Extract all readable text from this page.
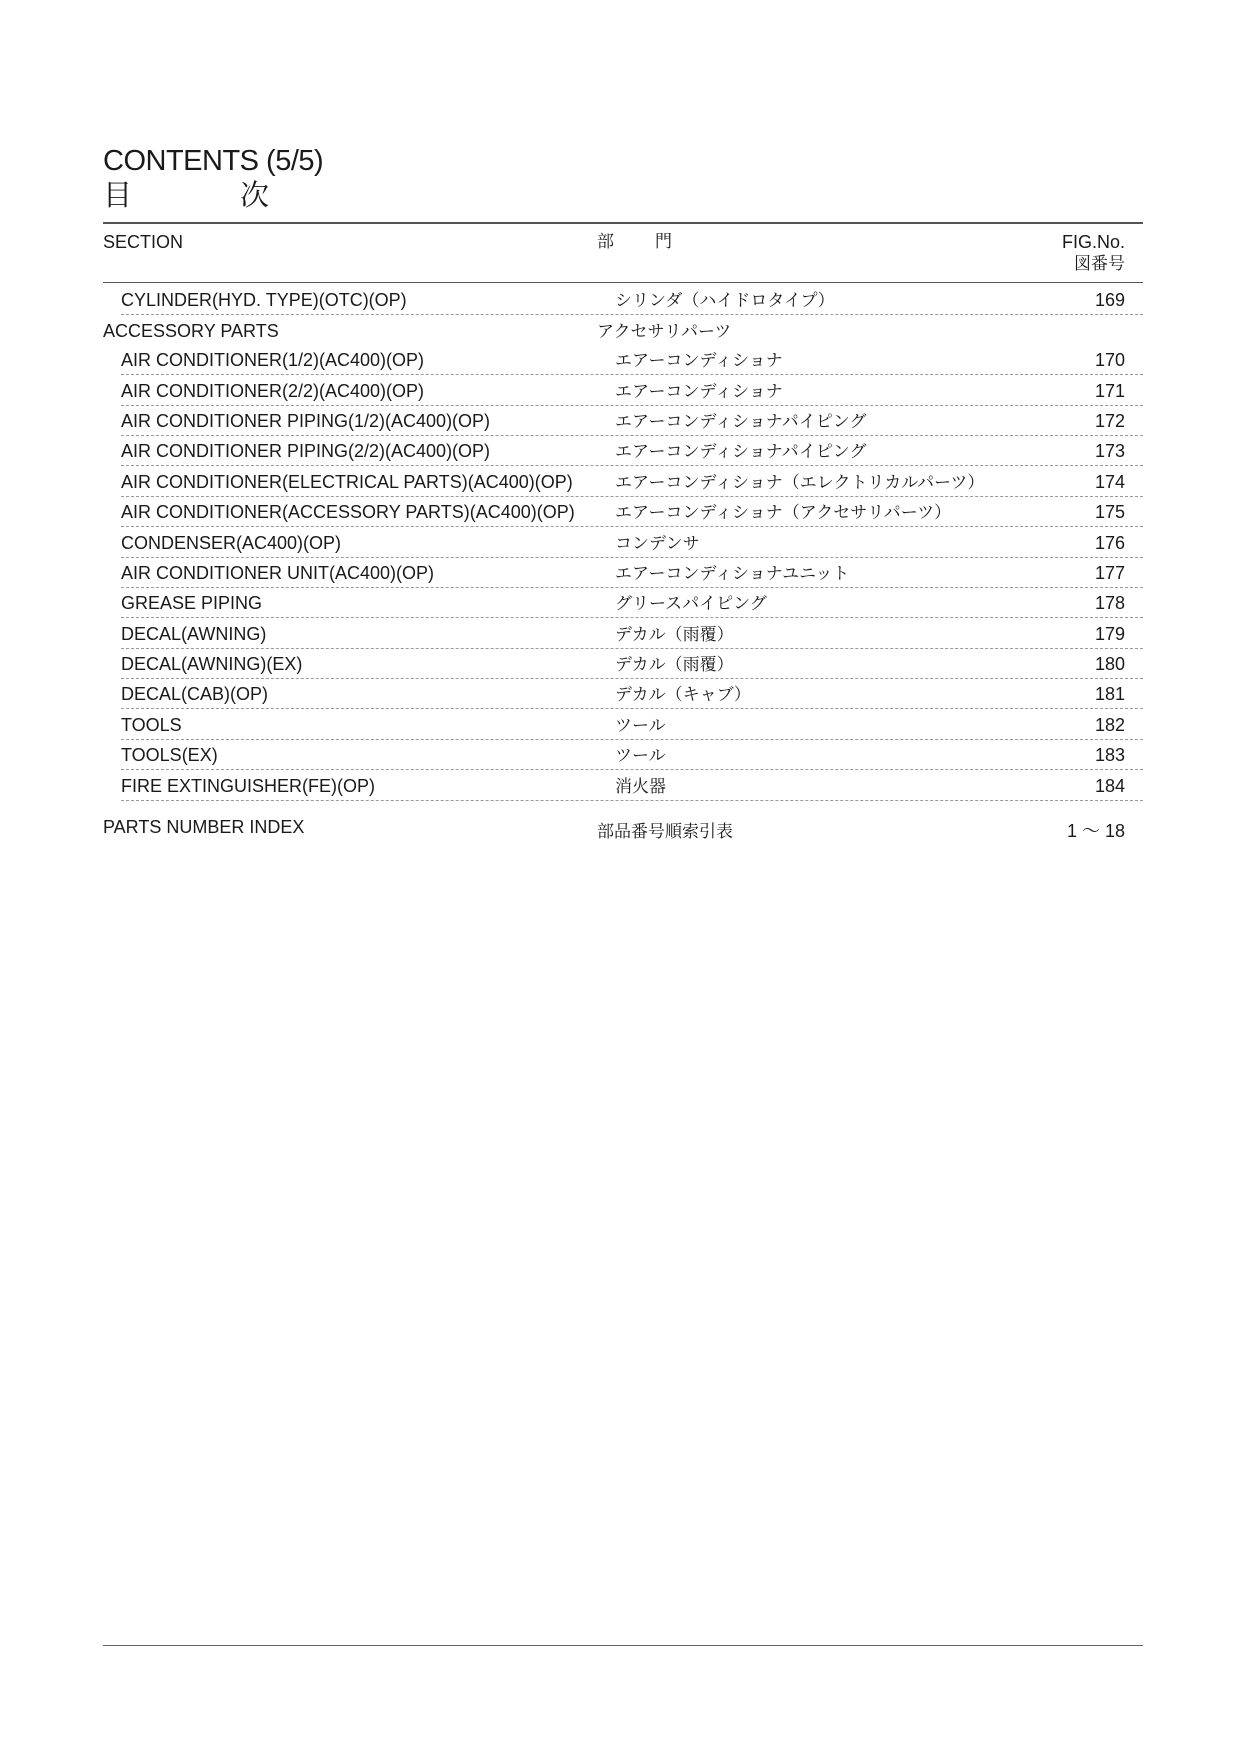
CONTENTS (5/5)
目	次
SECTION	部 門	FIG.No.
図番号
CYLINDER(HYD. TYPE)(OTC)(OP)	シリンダ（ハイドロタイプ）	169
ACCESSORY PARTS	アクセサリパーツ
AIR CONDITIONER(1/2)(AC400)(OP)	エアーコンディショナ	170
AIR CONDITIONER(2/2)(AC400)(OP)	エアーコンディショナ	171
AIR CONDITIONER PIPING(1/2)(AC400)(OP)	エアーコンディショナパイピング	172
AIR CONDITIONER PIPING(2/2)(AC400)(OP)	エアーコンディショナパイピング	173
AIR CONDITIONER(ELECTRICAL PARTS)(AC400)(OP) エアーコンディショナ（エレクトリカルパーツ）	174
AIR CONDITIONER(ACCESSORY PARTS)(AC400)(OP) エアーコンディショナ（アクセサリパーツ）	175
CONDENSER(AC400)(OP)	コンデンサ	176
AIR CONDITIONER UNIT(AC400)(OP)	エアーコンディショナユニット	177
GREASE PIPING	グリースパイピング	178
DECAL(AWNING)	デカル（雨覆）	179
DECAL(AWNING)(EX)	デカル（雨覆）	180
DECAL(CAB)(OP)	デカル（キャブ）	181
TOOLS	ツール	182
TOOLS(EX)	ツール	183
FIRE EXTINGUISHER(FE)(OP)	消火器	184
PARTS NUMBER INDEX	部品番号順索引表	1 ～ 18
